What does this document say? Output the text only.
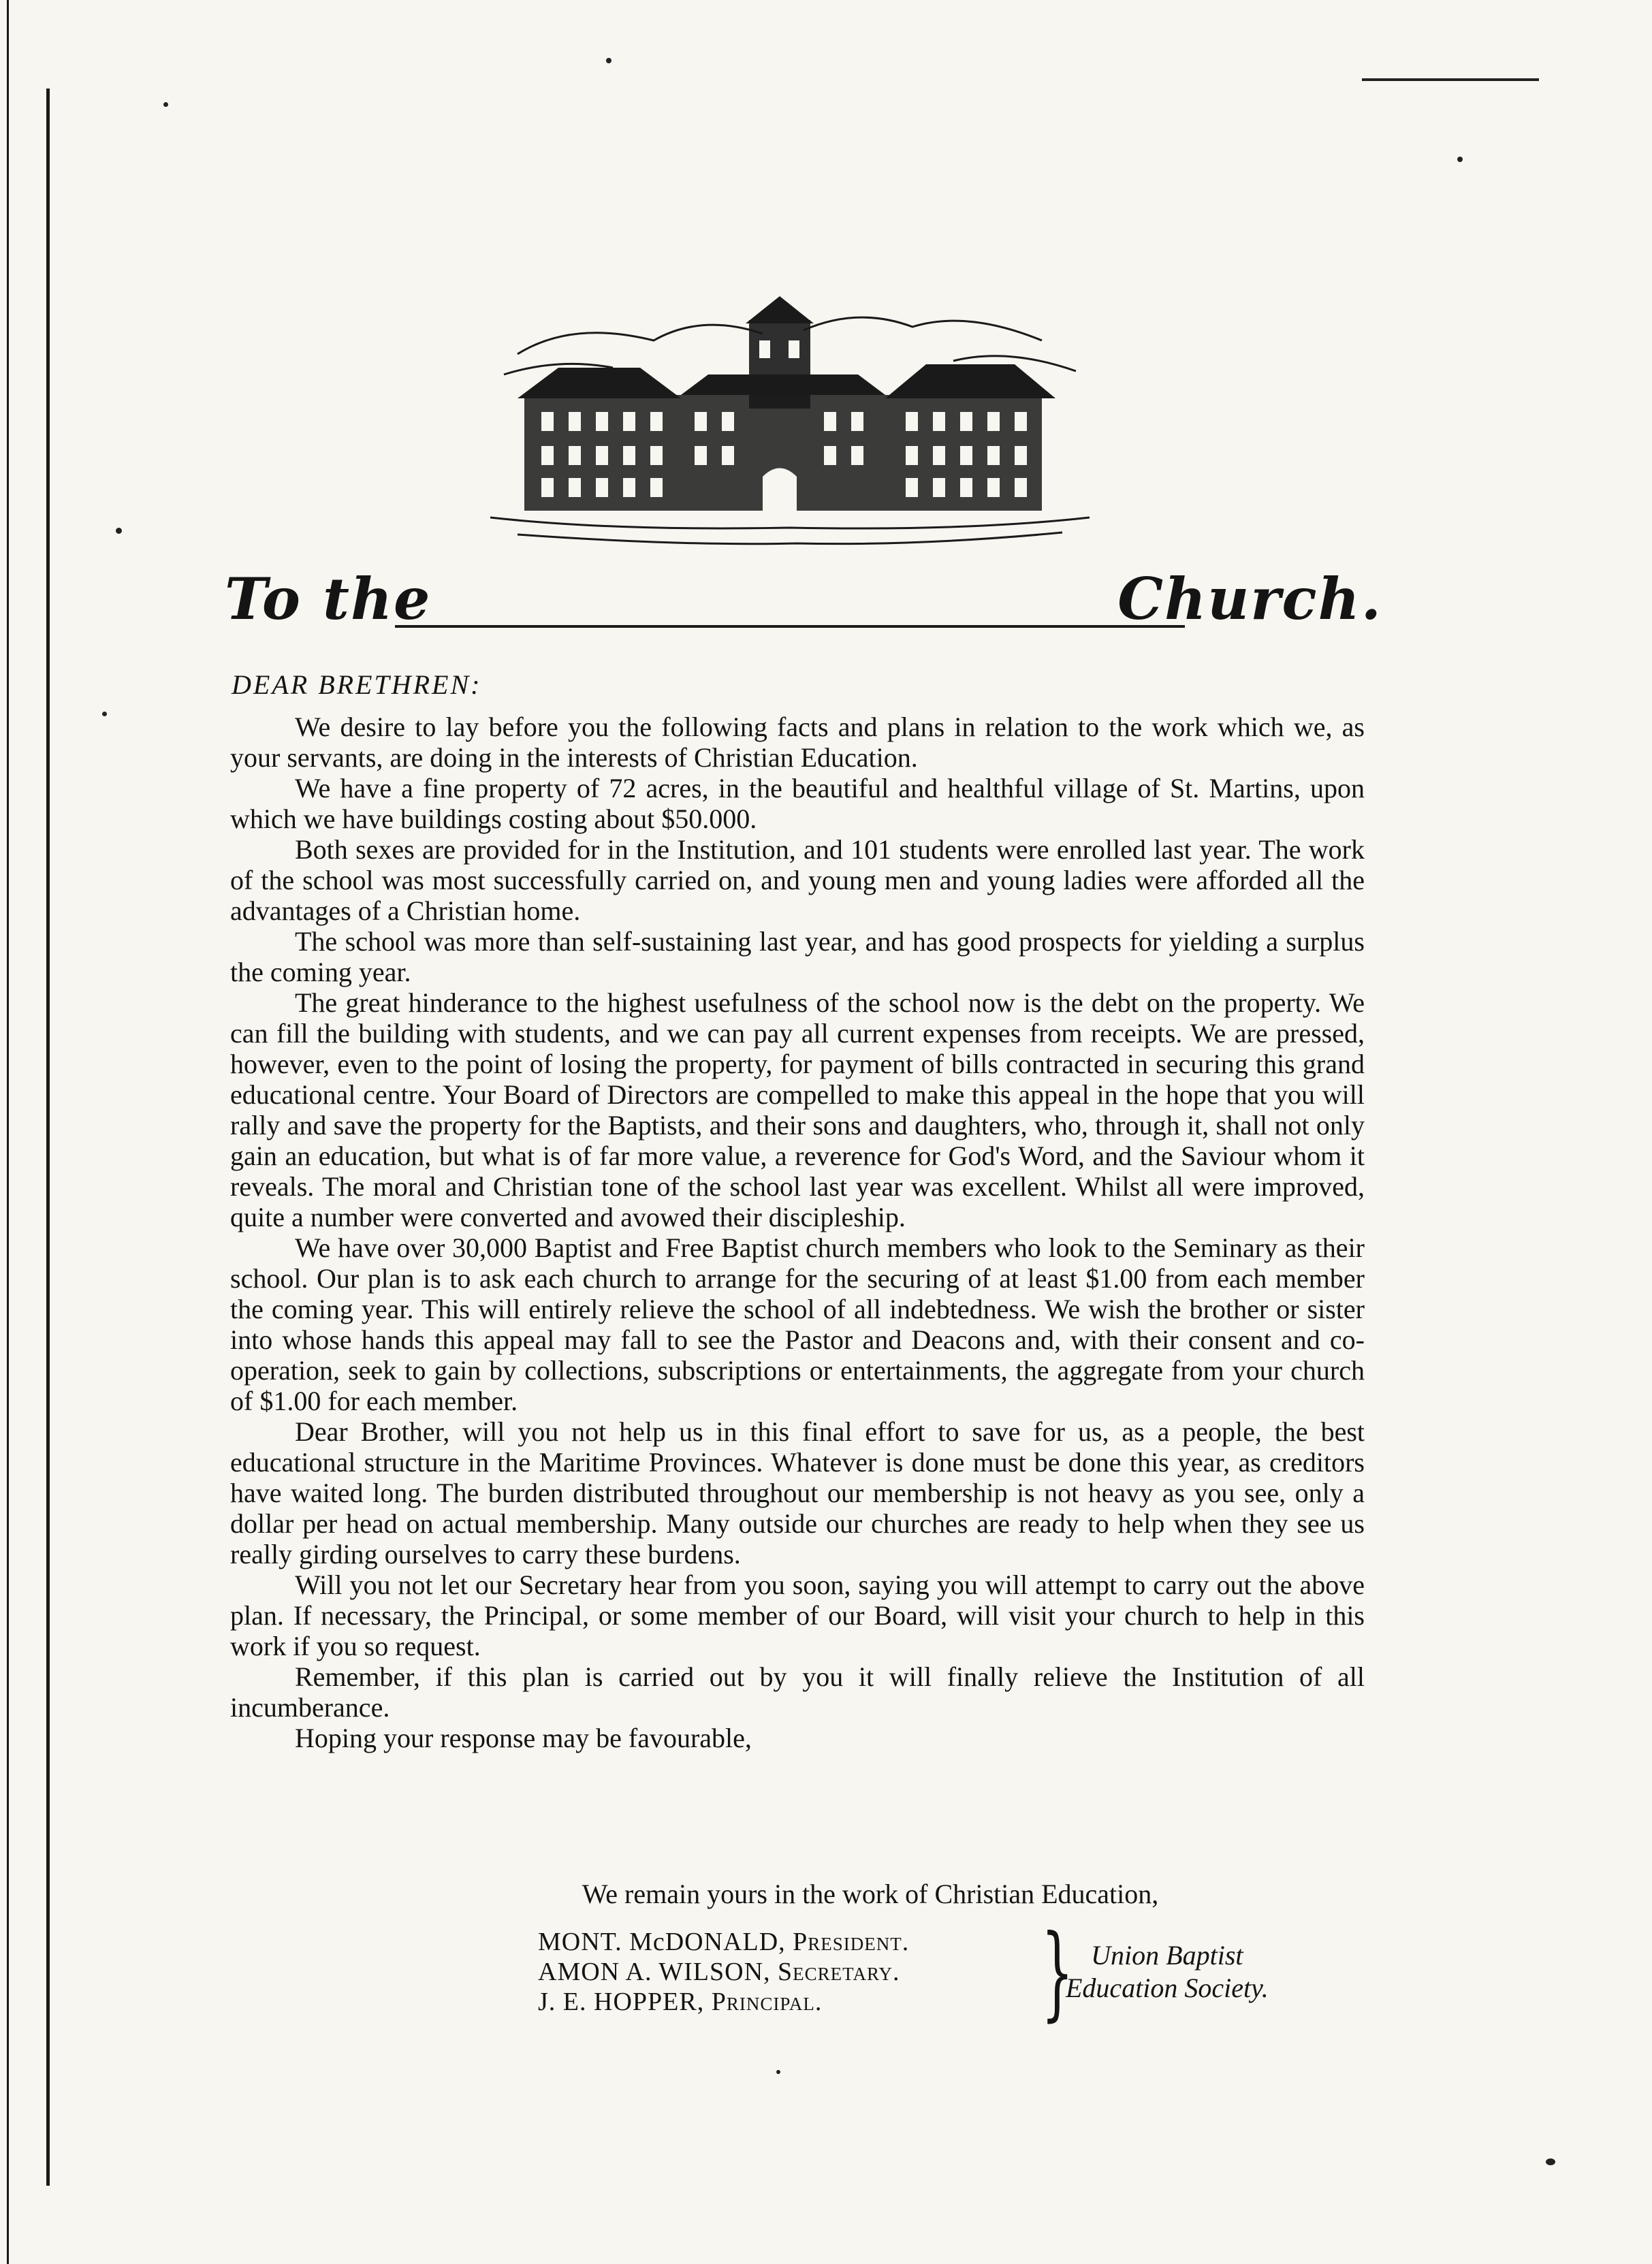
To the	Church.
DEAR BRETHREN:

We desire to lay before you the following facts and plans in relation to the work which we, as your servants, are doing in the interests of Christian Education.

We have a fine property of 72 acres, in the beautiful and healthful village of St. Martins, upon which we have buildings costing about $50.000.

Both sexes are provided for in the Institution, and 101 students were enrolled last year. The work of the school was most successfully carried on, and young men and young ladies were afforded all the advantages of a Christian home.

The school was more than self-sustaining last year, and has good prospects for yielding a surplus the coming year.

The great hinderance to the highest usefulness of the school now is the debt on the property. We can fill the building with students, and we can pay all current expenses from receipts. We are pressed, however, even to the point of losing the property, for payment of bills contracted in securing this grand educational centre. Your Board of Directors are compelled to make this appeal in the hope that you will rally and save the property for the Baptists, and their sons and daughters, who, through it, shall not only gain an education, but what is of far more value, a reverence for God's Word, and the Saviour whom it reveals. The moral and Christian tone of the school last year was excellent. Whilst all were improved, quite a number were converted and avowed their discipleship.

We have over 30,000 Baptist and Free Baptist church members who look to the Seminary as their school. Our plan is to ask each church to arrange for the securing of at least $1.00 from each member the coming year. This will entirely relieve the school of all indebtedness. We wish the brother or sister into whose hands this appeal may fall to see the Pastor and Deacons and, with their consent and co-operation, seek to gain by collections, subscriptions or entertainments, the aggregate from your church of $1.00 for each member.

Dear Brother, will you not help us in this final effort to save for us, as a people, the best educational structure in the Maritime Provinces. Whatever is done must be done this year, as creditors have waited long. The burden distributed throughout our membership is not heavy as you see, only a dollar per head on actual membership. Many outside our churches are ready to help when they see us really girding ourselves to carry these burdens.

Will you not let our Secretary hear from you soon, saying you will attempt to carry out the above plan. If necessary, the Principal, or some member of our Board, will visit your church to help in this work if you so request.

Remember, if this plan is carried out by you it will finally relieve the Institution of all incumberance.

Hoping your response may be favourable,

We remain yours in the work of Christian Education,
MONT. McDONALD, President.
AMON A. WILSON, Secretary.
J. E. HOPPER, Principal.	} Union Baptist
Education Society.
